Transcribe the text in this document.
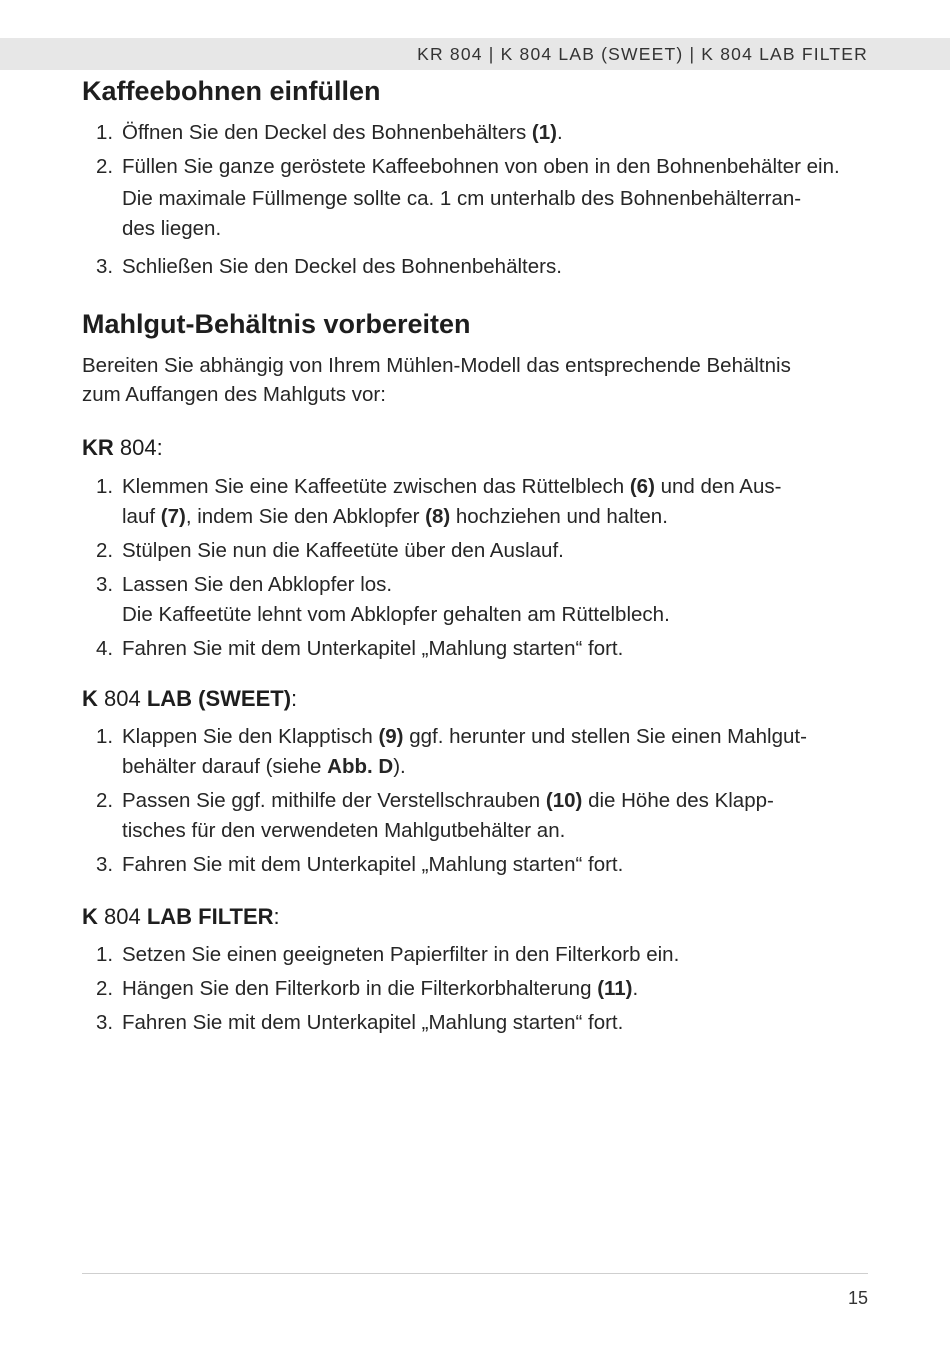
KR 804 | K 804 LAB (SWEET) | K 804 LAB FILTER
Kaffeebohnen einfüllen
1. Öffnen Sie den Deckel des Bohnenbehälters (1).
2. Füllen Sie ganze geröstete Kaffeebohnen von oben in den Bohnenbehälter ein.
Die maximale Füllmenge sollte ca. 1 cm unterhalb des Bohnenbehälterran-
des liegen.
3. Schließen Sie den Deckel des Bohnenbehälters.
Mahlgut-Behältnis vorbereiten

Bereiten Sie abhängig von Ihrem Mühlen-Modell das entsprechende Behältnis
zum Auffangen des Mahlguts vor:

KR 804:
1. Klemmen Sie eine Kaffeetüte zwischen das Rüttelblech (6) und den Aus-
lauf (7), indem Sie den Abklopfer (8) hochziehen und halten.
2. Stülpen Sie nun die Kaffeetüte über den Auslauf.
3. Lassen Sie den Abklopfer los.
Die Kaffeetüte lehnt vom Abklopfer gehalten am Rüttelblech.
4. Fahren Sie mit dem Unterkapitel „Mahlung starten“ fort.
K 804 LAB (SWEET):
1. Klappen Sie den Klapptisch (9) ggf. herunter und stellen Sie einen Mahlgut-
behälter darauf (siehe Abb. D).
2. Passen Sie ggf. mithilfe der Verstellschrauben (10) die Höhe des Klapp-
tisches für den verwendeten Mahlgutbehälter an.
3. Fahren Sie mit dem Unterkapitel „Mahlung starten“ fort.
K 804 LAB FILTER:
1. Setzen Sie einen geeigneten Papierfilter in den Filterkorb ein.
2. Hängen Sie den Filterkorb in die Filterkorbhalterung (11).
3. Fahren Sie mit dem Unterkapitel „Mahlung starten“ fort.
15
